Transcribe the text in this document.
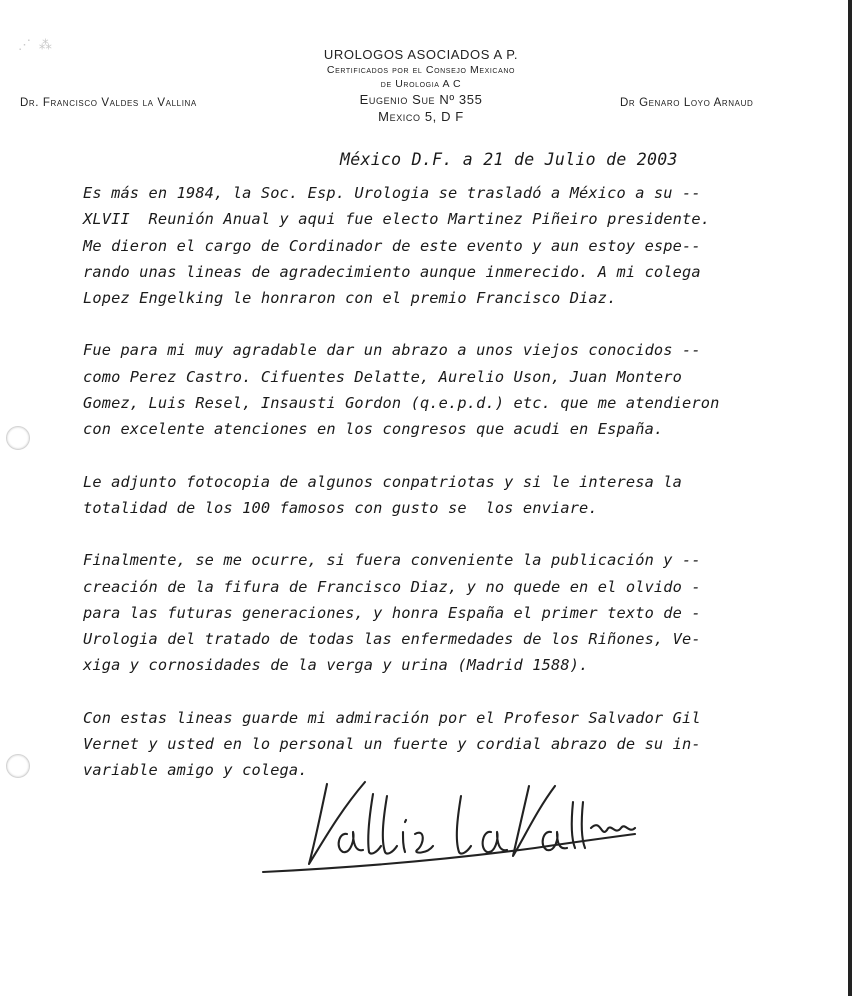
⋰ ⁂
Dr. Francisco Valdes la Vallina	Dr Genaro Loyo Arnaud
UROLOGOS ASOCIADOS A P.
Certificados por el Consejo Mexicano
de Urologia A C
Eugenio Sue Nº 355
Mexico 5, D F
México D.F. a 21 de Julio de 2003
Es más en 1984, la Soc. Esp. Urologia se trasladó a México a su --
XLVII  Reunión Anual y aqui fue electo Martinez Piñeiro presidente.
Me dieron el cargo de Cordinador de este evento y aun estoy espe--
rando unas lineas de agradecimiento aunque inmerecido. A mi colega
Lopez Engelking le honraron con el premio Francisco Diaz.
Fue para mi muy agradable dar un abrazo a unos viejos conocidos --
como Perez Castro. Cifuentes Delatte, Aurelio Uson, Juan Montero
Gomez, Luis Resel, Insausti Gordon (q.e.p.d.) etc. que me atendieron
con excelente atenciones en los congresos que acudi en España.
Le adjunto fotocopia de algunos conpatriotas y si le interesa la
totalidad de los 100 famosos con gusto se  los enviare.
Finalmente, se me ocurre, si fuera conveniente la publicación y --
creación de la fifura de Francisco Diaz, y no quede en el olvido -
para las futuras generaciones, y honra España el primer texto de -
Urologia del tratado de todas las enfermedades de los Riñones, Ve-
xiga y cornosidades de la verga y urina (Madrid 1588).
Con estas lineas guarde mi admiración por el Profesor Salvador Gil
Vernet y usted en lo personal un fuerte y cordial abrazo de su in-
variable amigo y colega.
